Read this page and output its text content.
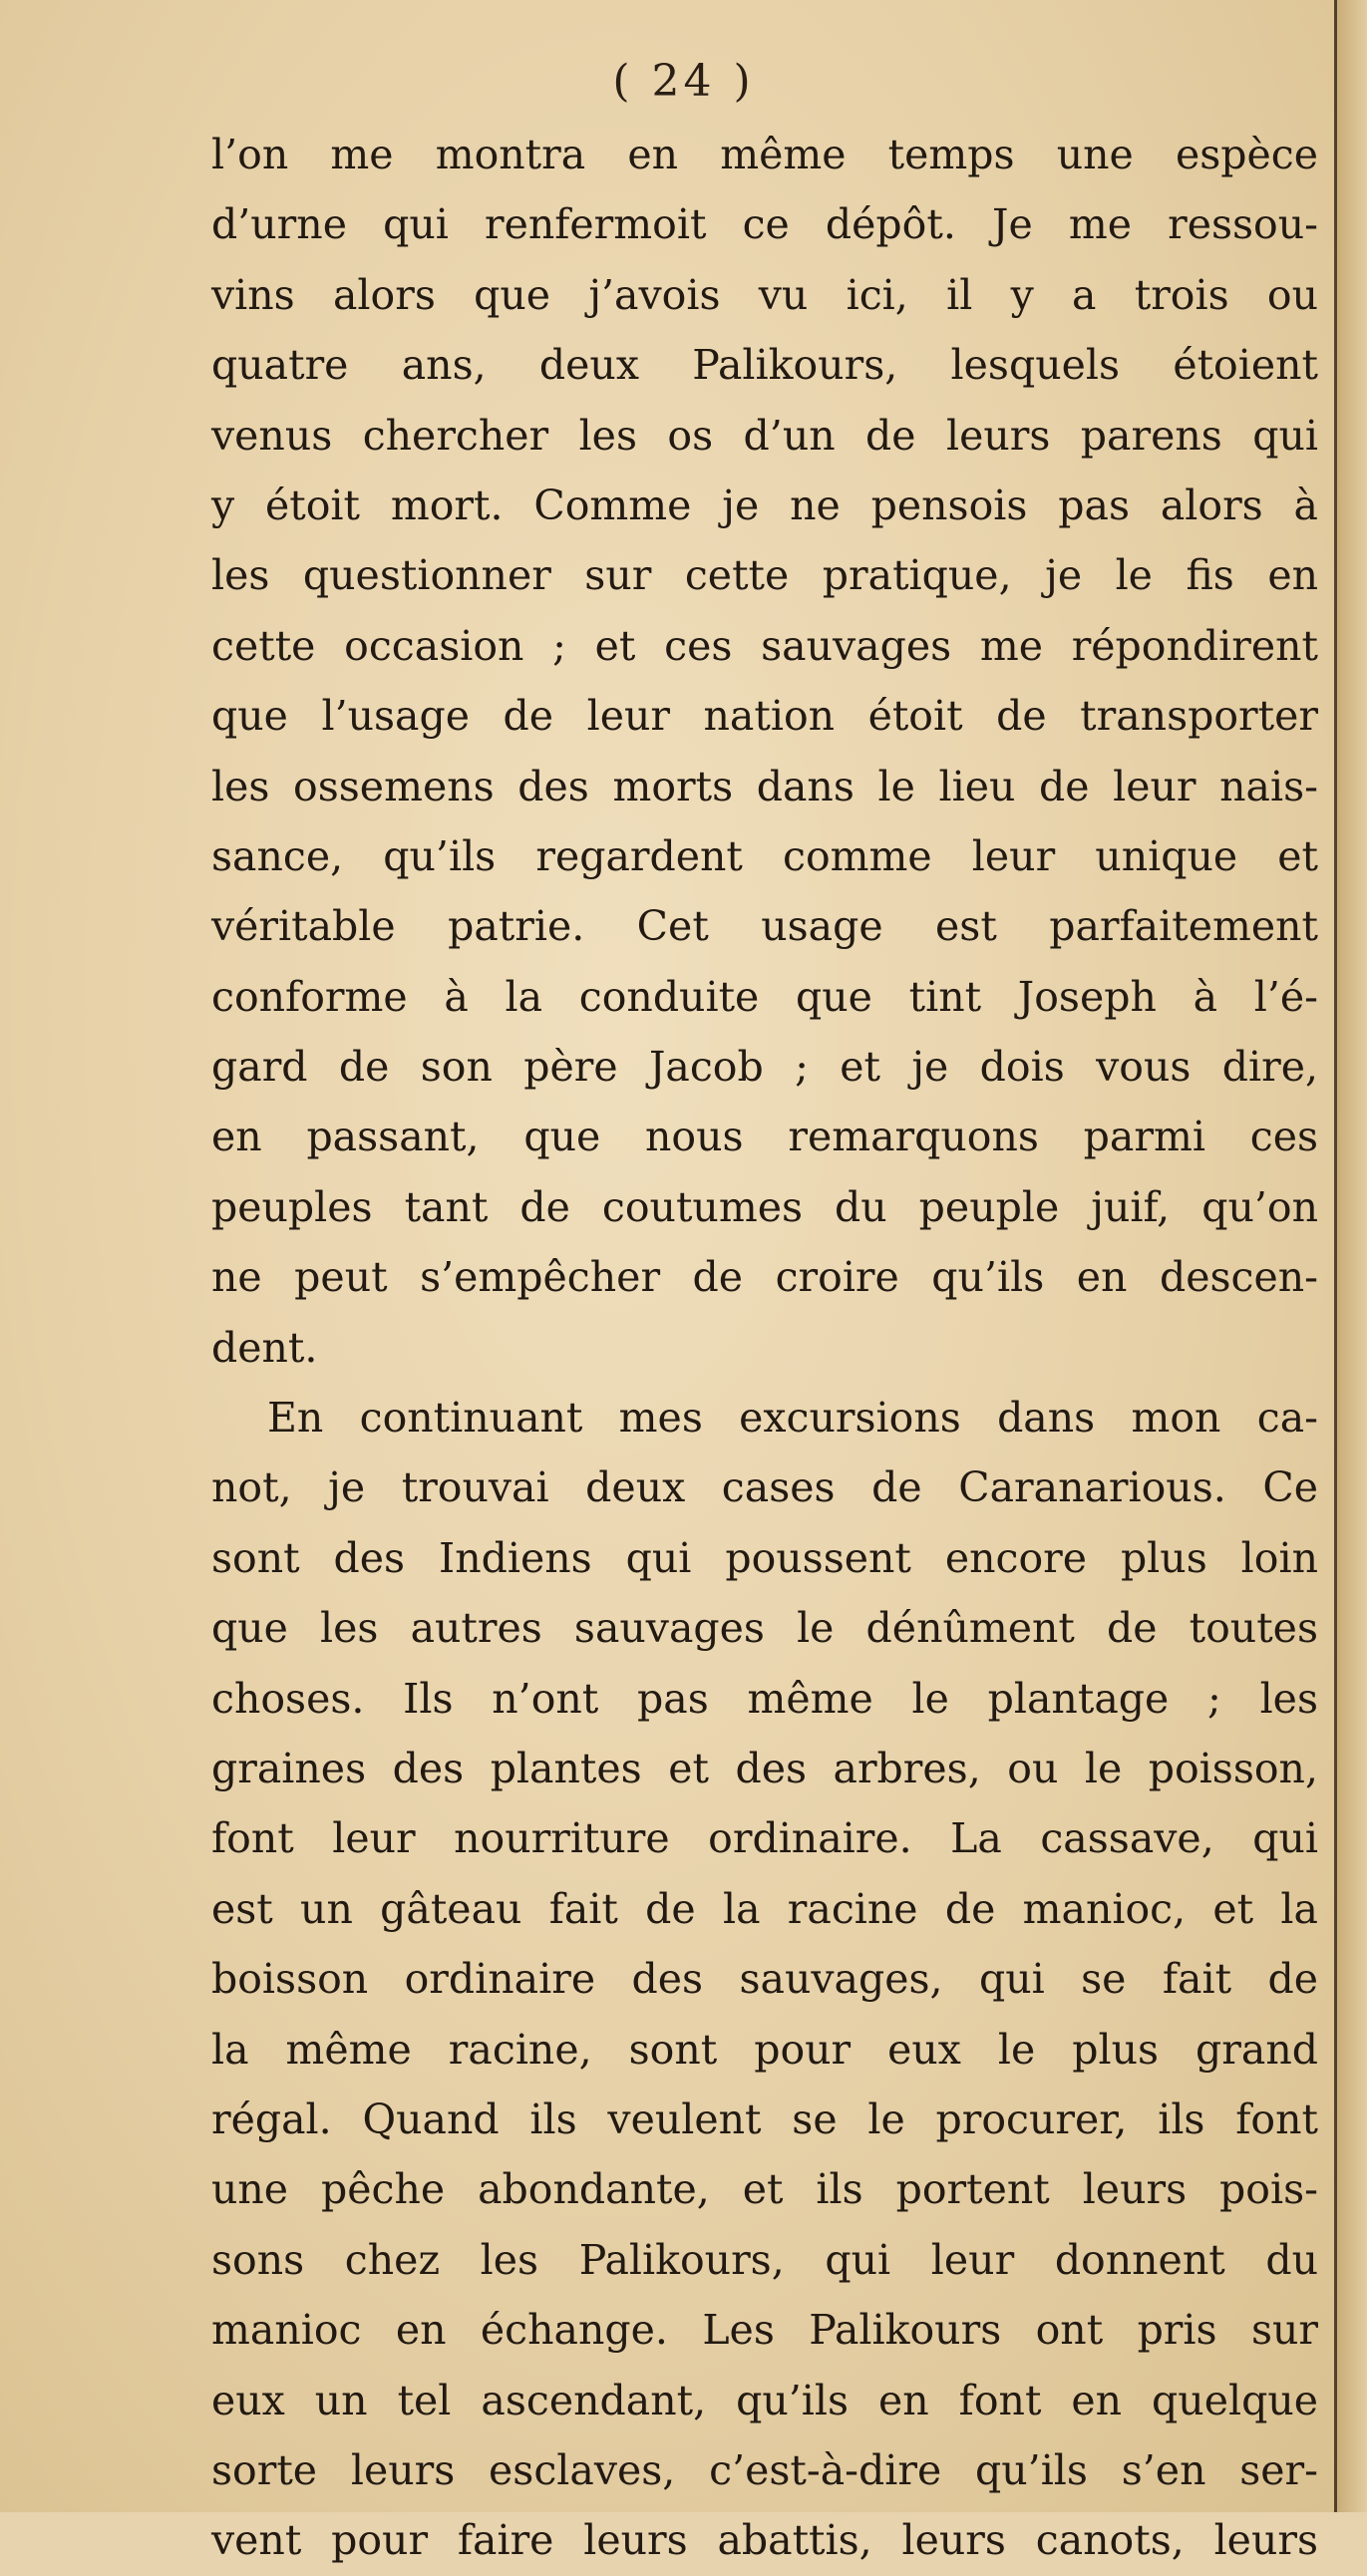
( 24 )
l’on me montra en même temps une espèce
d’urne qui renfermoit ce dépôt. Je me ressou-
vins alors que j’avois vu ici, il y a trois ou
quatre ans, deux Palikours, lesquels étoient
venus chercher les os d’un de leurs parens qui
y étoit mort. Comme je ne pensois pas alors à
les questionner sur cette pratique, je le fis en
cette occasion ; et ces sauvages me répondirent
que l’usage de leur nation étoit de transporter
les ossemens des morts dans le lieu de leur nais-
sance, qu’ils regardent comme leur unique et
véritable patrie. Cet usage est parfaitement
conforme à la conduite que tint Joseph à l’é-
gard de son père Jacob ; et je dois vous dire,
en passant, que nous remarquons parmi ces
peuples tant de coutumes du peuple juif, qu’on
ne peut s’empêcher de croire qu’ils en descen-
dent.
En continuant mes excursions dans mon ca-
not, je trouvai deux cases de Caranarious. Ce
sont des Indiens qui poussent encore plus loin
que les autres sauvages le dénûment de toutes
choses. Ils n’ont pas même le plantage ; les
graines des plantes et des arbres, ou le poisson,
font leur nourriture ordinaire. La cassave, qui
est un gâteau fait de la racine de manioc, et la
boisson ordinaire des sauvages, qui se fait de
la même racine, sont pour eux le plus grand
régal. Quand ils veulent se le procurer, ils font
une pêche abondante, et ils portent leurs pois-
sons chez les Palikours, qui leur donnent du
manioc en échange. Les Palikours ont pris sur
eux un tel ascendant, qu’ils en font en quelque
sorte leurs esclaves, c’est-à-dire qu’ils s’en ser-
vent pour faire leurs abattis, leurs canots, leurs
